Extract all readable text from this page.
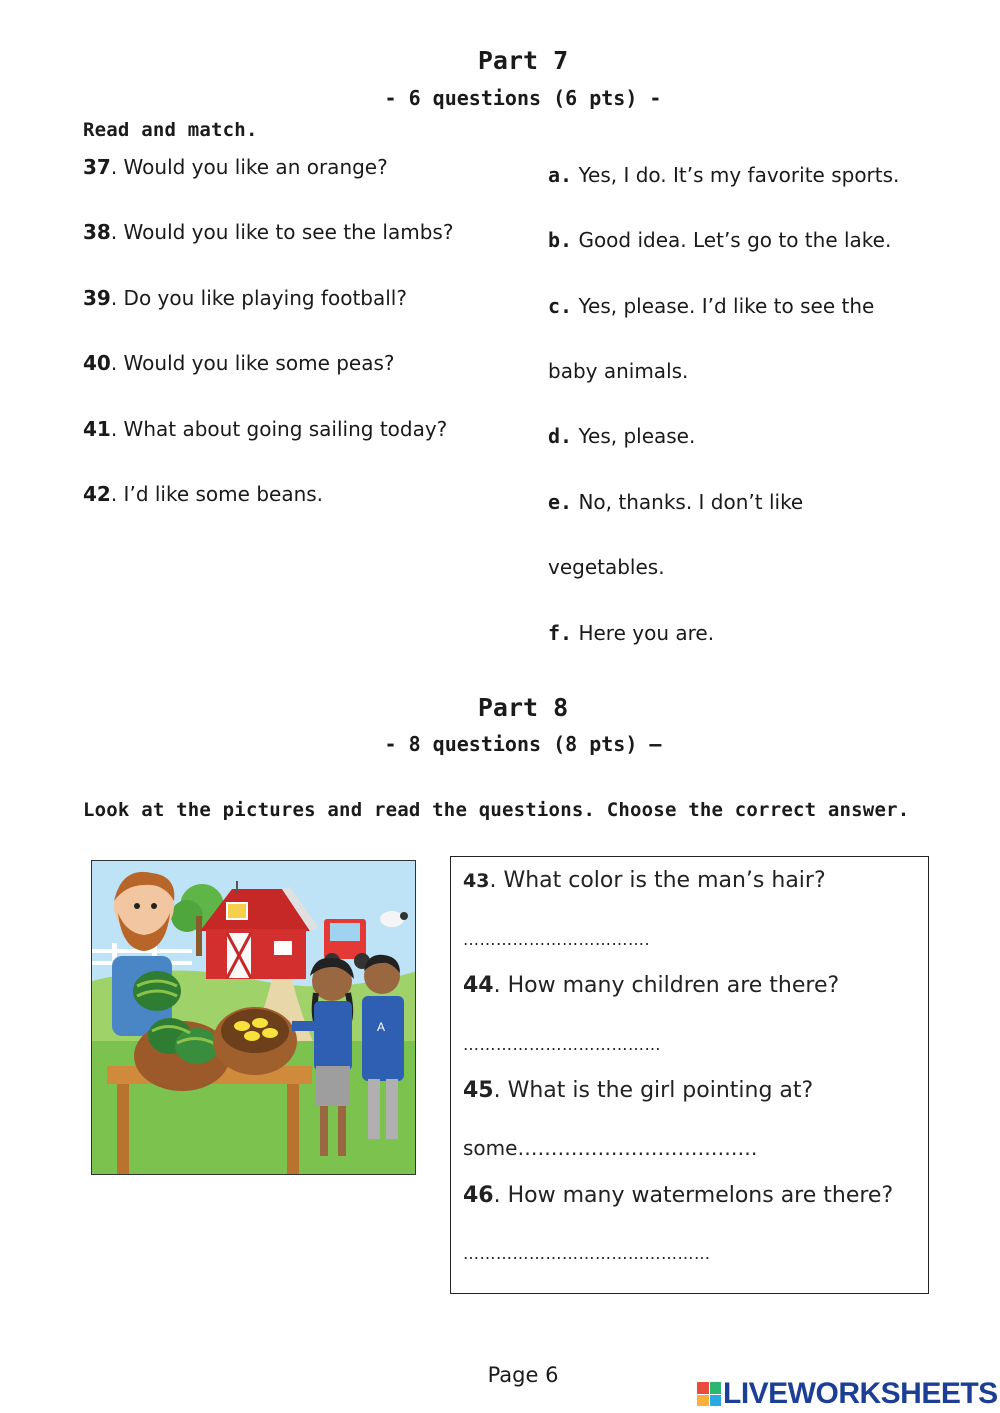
Part 7
- 6 questions (6 pts) -
Read and match.
37. Would you like an orange?
38. Would you like to see the lambs?
39. Do you like playing football?
40. Would you like some peas?
41. What about going sailing today?
42. I’d like some beans.
a. Yes, I do. It’s my favorite sports.
b. Good idea. Let’s go to the lake.
c. Yes, please. I’d like to see the
baby animals.
d. Yes, please.
e. No, thanks. I don’t like
vegetables.
f. Here you are.
Part 8
- 8 questions (8 pts) –
Look at the pictures and read the questions. Choose the correct answer.
A
43. What color is the man’s hair?
…………………………….
44. How many children are there?
………………………………
45. What is the girl pointing at?
some………………………………
46. How many watermelons are there?
………………………………………
Page 6
LIVEWORKSHEETS
